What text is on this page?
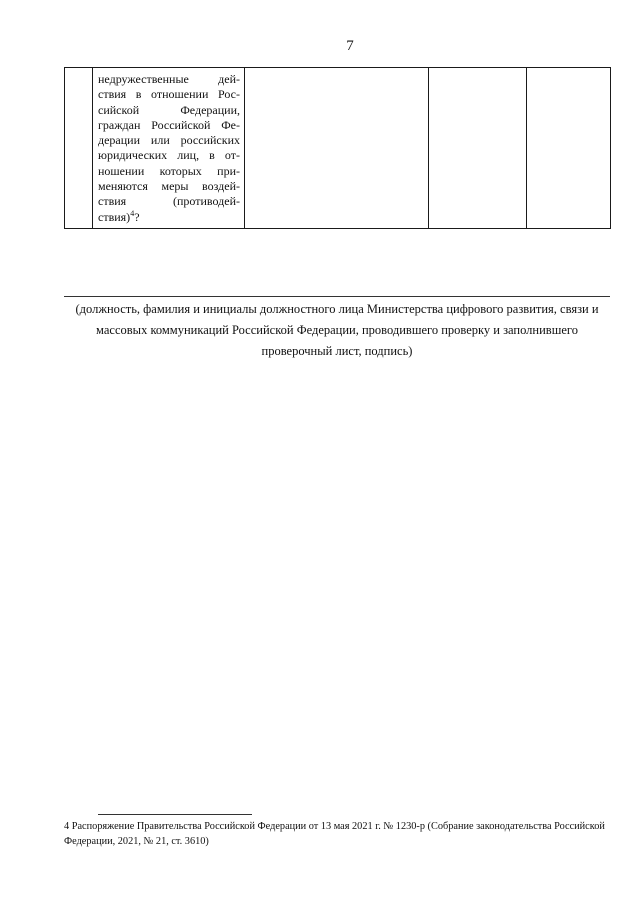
7

недружественные дей-
ствия в отношении Рос-
сийской Федерации,
граждан Российской Фе-
дерации или российских
юридических лиц, в от-
ношении которых при-
меняются меры воздей-
ствия (противодей-
ствия)$^4$?

(должность, фамилия и инициалы должностного лица Министерства цифрового развития, связи и массовых коммуникаций Российской Федерации, проводившего проверку и заполнившего проверочный лист, подпись)
4 Распоряжение Правительства Российской Федерации от 13 мая 2021 г. № 1230-р (Собрание законодательства Российской Федерации, 2021, № 21, ст. 3610)
